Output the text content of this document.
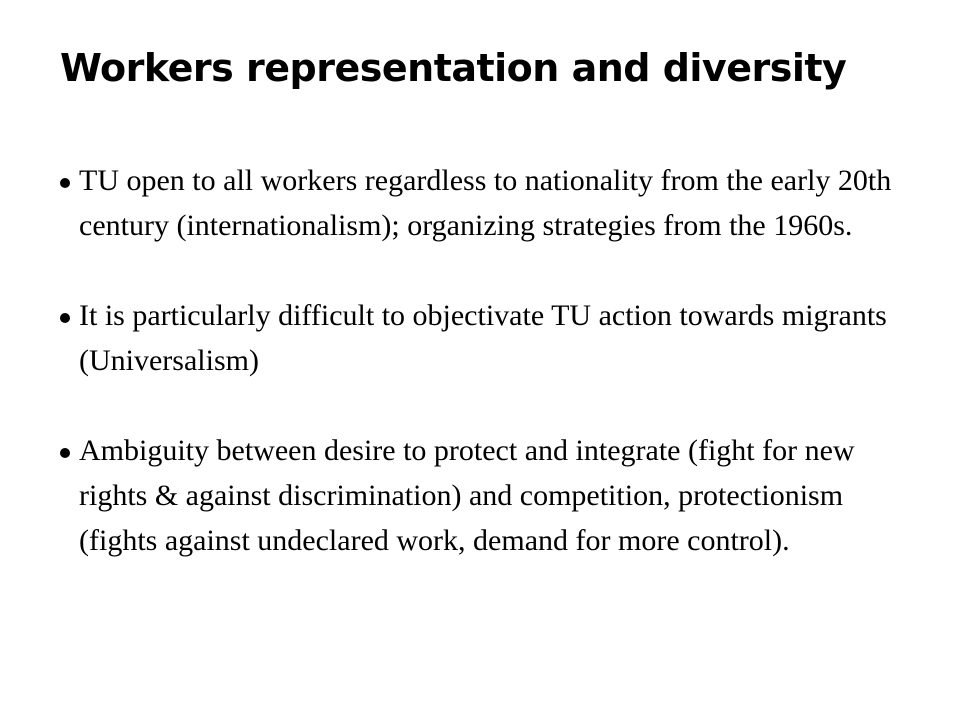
Workers representation and diversity
TU open to all workers regardless to nationality from the early 20th century (internationalism); organizing strategies from the 1960s.
It is particularly difficult to objectivate TU action towards migrants (Universalism)
Ambiguity between desire to protect and integrate (fight for new rights & against discrimination) and competition, protectionism (fights against undeclared work, demand for more control).
